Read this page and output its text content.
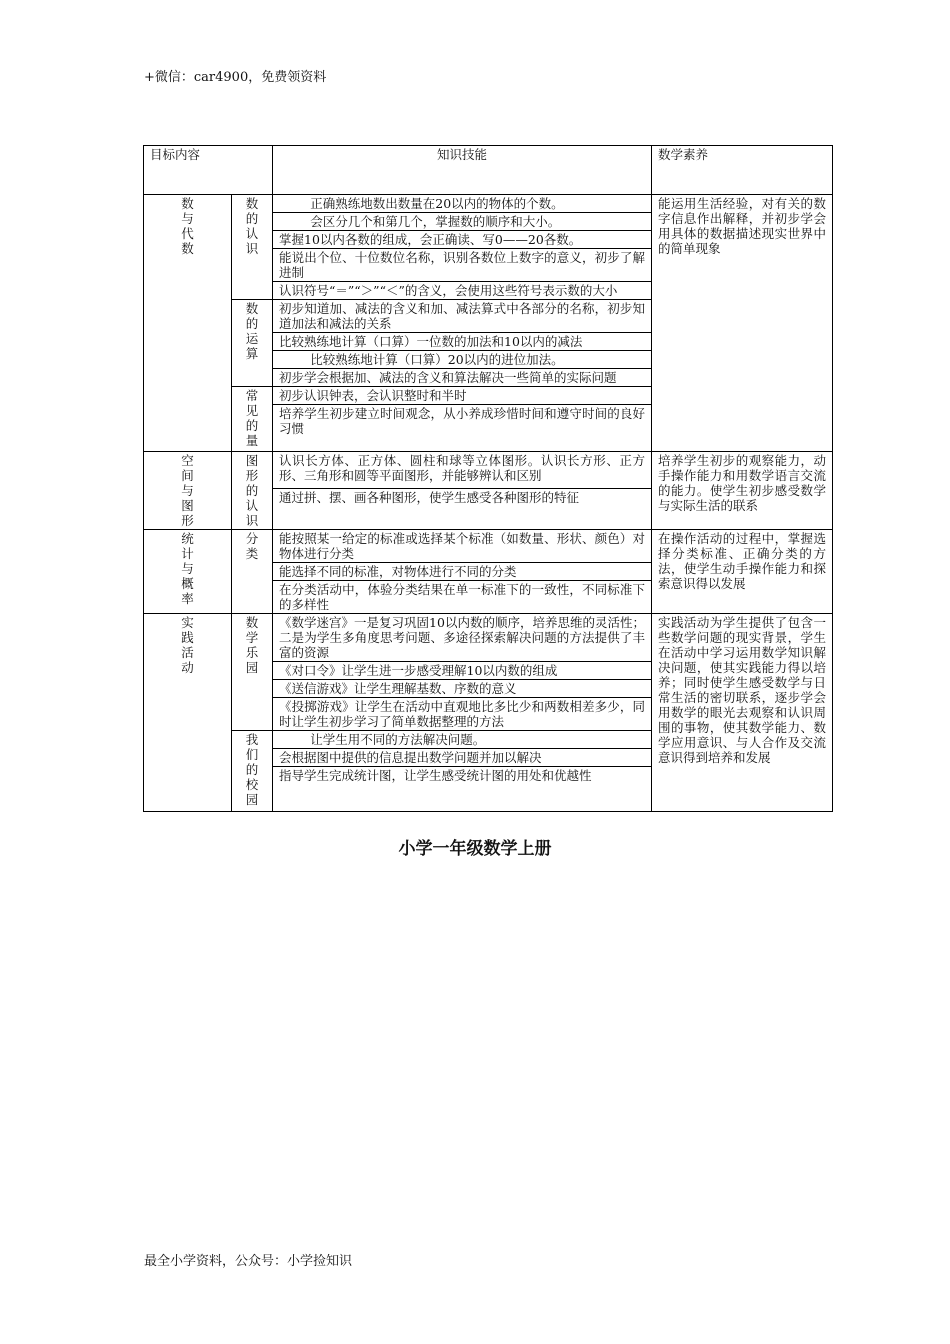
+微信：car4900，免费领资料
目标内容		知识技能	数学素养
数与代数	数的认识	正确熟练地数出数量在20以内的物体的个数。	能运用生活经验，对有关的数字信息作出解释，并初步学会用具体的数据描述现实世界中的简单现象
		会区分几个和第几个，掌握数的顺序和大小。	
		掌握10以内各数的组成，会正确读、写0——20各数。	
		能说出个位、十位数位名称，识别各数位上数字的意义，初步了解进制	
		认识符号“＝”“＞”“＜”的含义，会使用这些符号表示数的大小	
	数的运算	初步知道加、减法的含义和加、减法算式中各部分的名称，初步知道加法和减法的关系	
		比较熟练地计算（口算）一位数的加法和10以内的减法	
		比较熟练地计算（口算）20以内的进位加法。	
		初步学会根据加、减法的含义和算法解决一些简单的实际问题	
	常见的量	初步认识钟表，会认识整时和半时	
		培养学生初步建立时间观念，从小养成珍惜时间和遵守时间的良好习惯	
空间与图形	图形的认识	认识长方体、正方体、圆柱和球等立体图形。认识长方形、正方形、三角形和圆等平面图形，并能够辨认和区别	培养学生初步的观察能力，动手操作能力和用数学语言交流的能力。使学生初步感受数学与实际生活的联系
		通过拼、摆、画各种图形，使学生感受各种图形的特征	
统计与概率	分类	能按照某一给定的标准或选择某个标准（如数量、形状、颜色）对物体进行分类	在操作活动的过程中，掌握选择分类标准、正确分类的方法，使学生动手操作能力和探索意识得以发展
		能选择不同的标准，对物体进行不同的分类	
		在分类活动中，体验分类结果在单一标准下的一致性，不同标准下的多样性	
实践活动	数学乐园	《数学迷宫》一是复习巩固10以内数的顺序，培养思维的灵活性；二是为学生多角度思考问题、多途径探索解决问题的方法提供了丰富的资源	实践活动为学生提供了包含一些数学问题的现实背景，学生在活动中学习运用数学知识解决问题，使其实践能力得以培养；同时使学生感受数学与日常生活的密切联系，逐步学会用数学的眼光去观察和认识周围的事物，使其数学能力、数学应用意识、与人合作及交流意识得到培养和发展
		《对口令》让学生进一步感受理解10以内数的组成	
		《送信游戏》让学生理解基数、序数的意义	
		《投掷游戏》让学生在活动中直观地比多比少和两数相差多少，同时让学生初步学习了简单数据整理的方法	
	我们的校园	让学生用不同的方法解决问题。	
		会根据图中提供的信息提出数学问题并加以解决	
		指导学生完成统计图，让学生感受统计图的用处和优越性	
小学一年级数学上册
最全小学资料，公众号：小学捡知识
